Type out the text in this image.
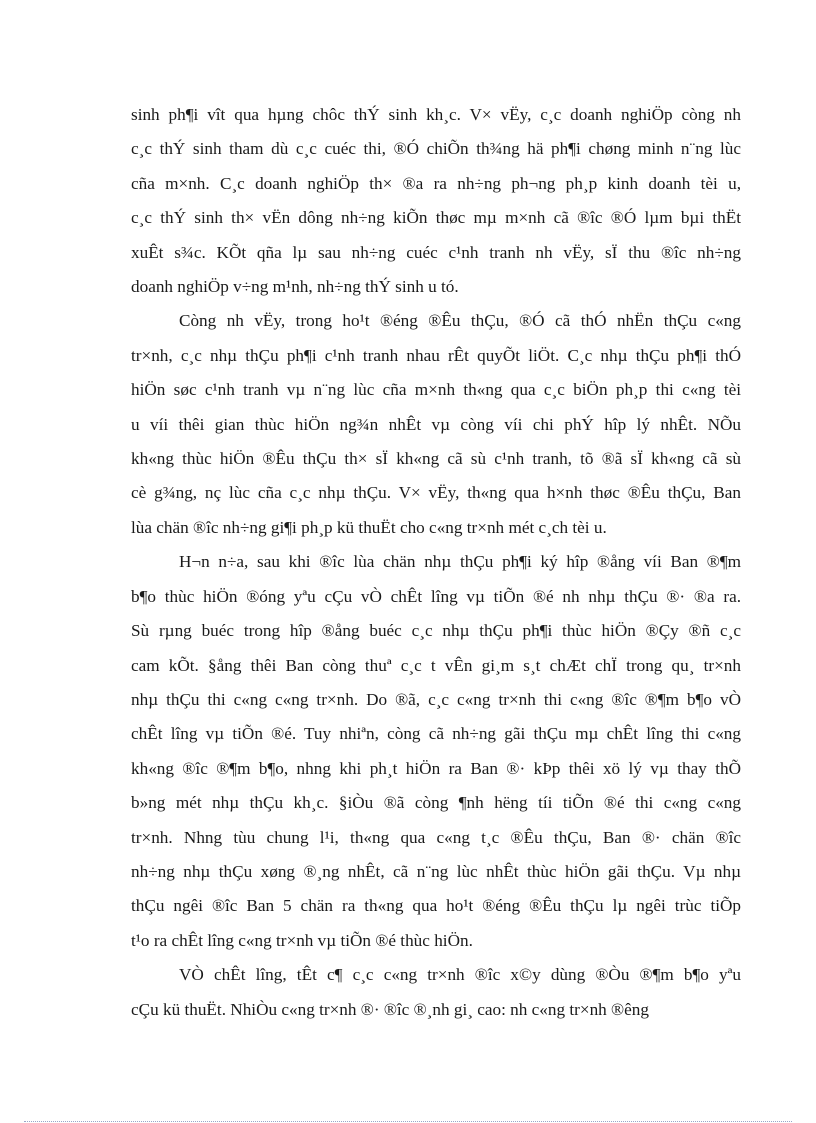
sinh ph¶i vît qua hµng chôc thÝ sinh kh¸c. V× vËy, c¸c doanh nghiÖp còng nh
c¸c thÝ sinh tham dù c¸c cuéc thi, ®Ó chiÕn th¾ng hä ph¶i chøng minh n¨ng lùc
cña m×nh. C¸c doanh nghiÖp th× ®a ra nh÷ng ph¬ng ph¸p kinh doanh tèi u,
c¸c thÝ sinh th× vËn dông nh÷ng kiÕn thøc mµ m×nh cã ®îc ®Ó lµm bµi thËt
xuÊt s¾c. KÕt qña lµ sau nh÷ng cuéc c¹nh tranh nh vËy, sÏ thu ®îc nh÷ng
doanh nghiÖp v÷ng m¹nh, nh÷ng thÝ sinh u tó.
Còng nh vËy, trong ho¹t ®éng ®Êu thÇu, ®Ó cã thÓ nhËn thÇu c«ng
tr×nh, c¸c nhµ thÇu ph¶i c¹nh tranh nhau rÊt quyÕt liÖt. C¸c nhµ thÇu ph¶i thÓ
hiÖn søc c¹nh tranh vµ n¨ng lùc cña m×nh th«ng qua c¸c biÖn ph¸p thi c«ng tèi
u víi thêi gian thùc hiÖn ng¾n nhÊt vµ còng víi chi phÝ hîp lý nhÊt. NÕu
kh«ng thùc hiÖn ®Êu thÇu th× sÏ kh«ng cã sù c¹nh tranh, tõ ®ã sÏ kh«ng cã sù
cè g¾ng, nç lùc cña c¸c nhµ thÇu. V× vËy, th«ng qua h×nh thøc ®Êu thÇu, Ban
lùa chän ®îc nh÷ng gi¶i ph¸p kü thuËt cho c«ng tr×nh mét c¸ch tèi u.
H¬n n÷a, sau khi ®îc lùa chän nhµ thÇu ph¶i ký hîp ®ång víi Ban ®¶m
b¶o thùc hiÖn ®óng yªu cÇu vÒ chÊt lîng vµ tiÕn ®é nh nhµ thÇu ®· ®a ra.
Sù rµng buéc trong hîp ®ång buéc c¸c nhµ thÇu ph¶i thùc hiÖn ®Çy ®ñ c¸c
cam kÕt. §ång thêi Ban còng thuª c¸c t vÊn gi¸m s¸t chÆt chÏ trong qu¸ tr×nh
nhµ thÇu thi c«ng c«ng tr×nh. Do ®ã, c¸c c«ng tr×nh thi c«ng ®îc ®¶m b¶o vÒ
chÊt lîng vµ tiÕn ®é. Tuy nhiªn, còng cã nh÷ng gãi thÇu mµ chÊt lîng thi c«ng
kh«ng ®îc ®¶m b¶o, nhng khi ph¸t hiÖn ra Ban ®· kÞp thêi xö lý vµ thay thÕ
b»ng mét nhµ thÇu kh¸c. §iÒu ®ã còng ¶nh hëng tíi tiÕn ®é thi c«ng c«ng
tr×nh. Nhng tùu chung l¹i, th«ng qua c«ng t¸c ®Êu thÇu, Ban ®· chän ®îc
nh÷ng nhµ thÇu xøng ®¸ng nhÊt, cã n¨ng lùc nhÊt thùc hiÖn gãi thÇu. Vµ nhµ
thÇu ngêi ®îc Ban 5 chän ra th«ng qua ho¹t ®éng ®Êu thÇu lµ ngêi trùc tiÕp
t¹o ra chÊt lîng c«ng tr×nh vµ tiÕn ®é thùc hiÖn.
VÒ chÊt lîng, tÊt c¶ c¸c c«ng tr×nh ®îc x©y dùng ®Òu ®¶m b¶o yªu
cÇu kü thuËt. NhiÒu c«ng tr×nh ®· ®îc ®¸nh gi¸ cao: nh c«ng tr×nh ®êng
